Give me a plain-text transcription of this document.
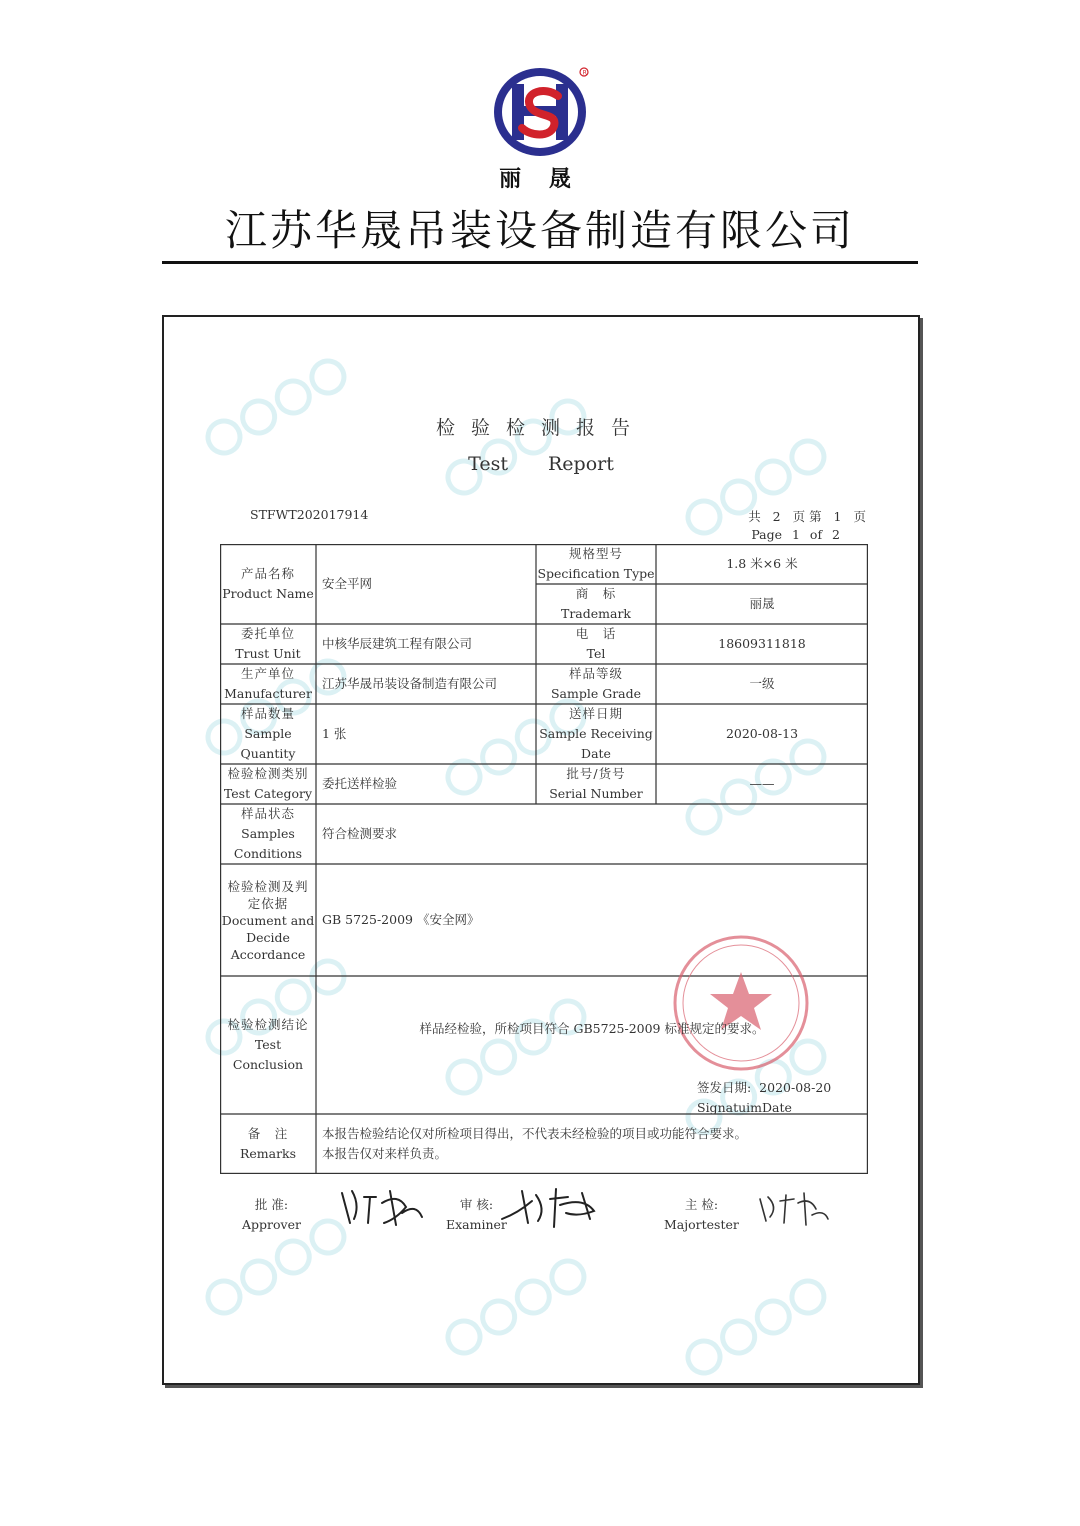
R
丽 晟
江苏华晟吊装设备制造有限公司
检验检测报告
Test Report
STFWT202017914	共 2 页第 1 页
Page 1 of 2
产品名称
Product Name
安全平网
规格型号
Specification Type
1.8 米×6 米
商　标
Trademark
丽晟
委托单位
Trust Unit
中核华辰建筑工程有限公司
电　话
Tel
18609311818
生产单位
Manufacturer
江苏华晟吊装设备制造有限公司
样品等级
Sample Grade
一级
样品数量
Sample
Quantity
1 张
送样日期
Sample Receiving
Date
2020-08-13
检验检测类别
Test Category
委托送样检验
批号/货号
Serial Number
——
样品状态
Samples
Conditions
符合检测要求
检验检测及判
定依据
Document and
Decide
Accordance
GB 5725-2009 《安全网》
检验检测结论
Test
Conclusion
样品经检验，所检项目符合 GB5725-2009 标准规定的要求。
签发日期: 2020-08-20
SignatuimDate
备　注
Remarks
本报告检验结论仅对所检项目得出，不代表未经检验的项目或功能符合要求。
本报告仅对来样负责。
批 准:
Approver
审 核:
Examiner
主 检:
Majortester
